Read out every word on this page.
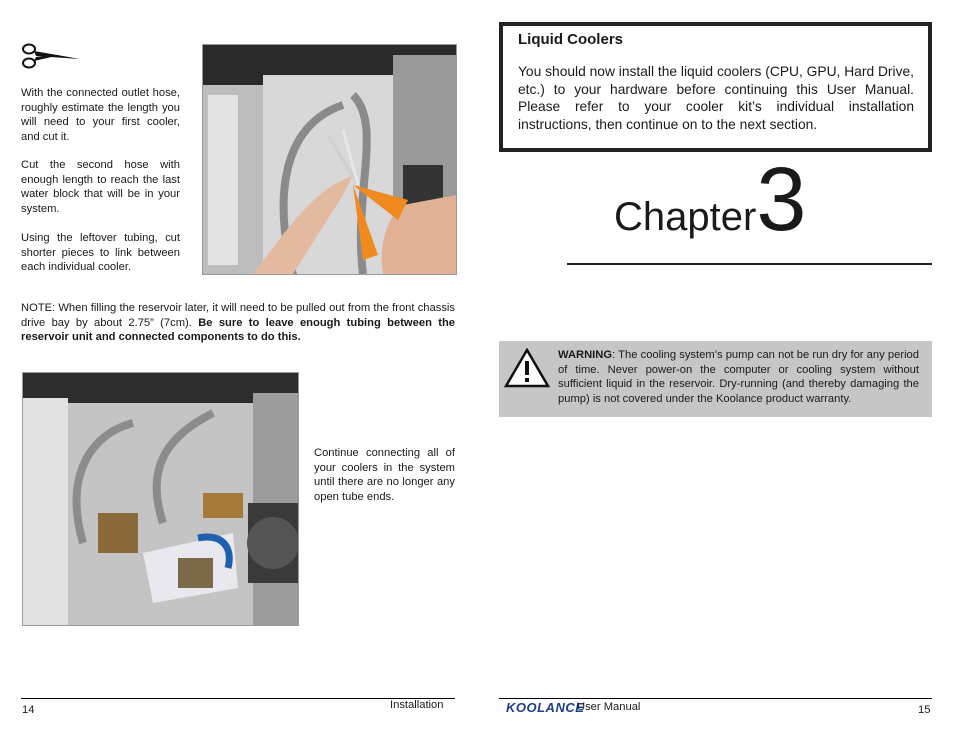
With the connected outlet hose, roughly estimate the length you will need to your first cooler, and cut it.
Cut the second hose with enough length to reach the last water block that will be in your system.
Using the leftover tubing, cut shorter pieces to link between each individual cooler.
NOTE: When filling the reservoir later, it will need to be pulled out from the front chassis drive bay by about 2.75” (7cm). Be sure to leave enough tubing between the reservoir unit and connected components to do this.
Continue connecting all of your coolers in the system until there are no longer any open tube ends.
14	Installation
Liquid Coolers
You should now install the liquid coolers (CPU, GPU, Hard Drive, etc.) to your hardware before continuing this User Manual. Please refer to your cooler kit’s individual installation instructions, then continue on to the next section.
Chapter3
WARNING: The cooling system’s pump can not be run dry for any period of time. Never power-on the computer or cooling system without sufficient liquid in the reservoir. Dry-running (and thereby damaging the pump) is not covered under the Koolance product warranty.
KOOLANCE
User Manual	15
